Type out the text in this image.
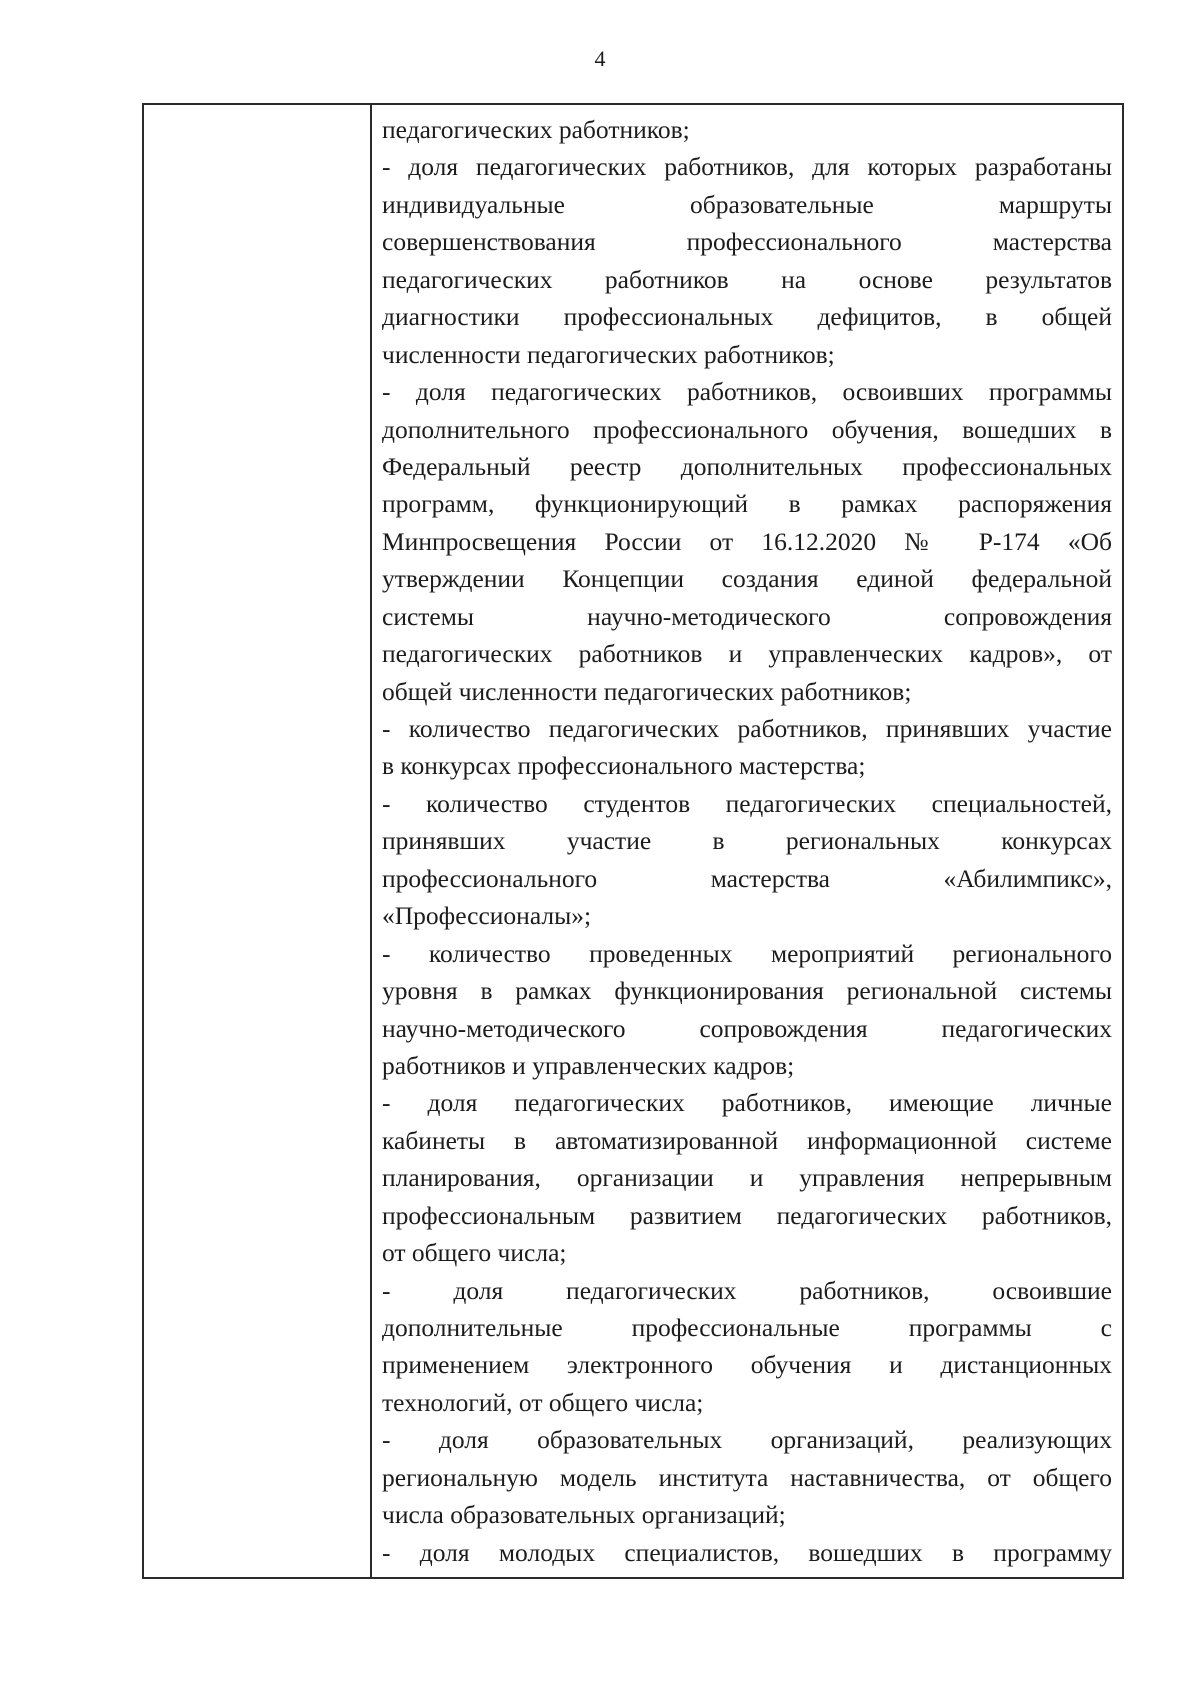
4
педагогических работников;
- доля педагогических работников, для которых разработаны
индивидуальные образовательные маршруты
совершенствования профессионального мастерства
педагогических работников на основе результатов
диагностики профессиональных дефицитов, в общей
численности педагогических работников;
- доля педагогических работников, освоивших программы
дополнительного профессионального обучения, вошедших в
Федеральный реестр дополнительных профессиональных
программ, функционирующий в рамках распоряжения
Минпросвещения России от 16.12.2020 № Р-174 «Об
утверждении Концепции создания единой федеральной
системы научно-методического сопровождения
педагогических работников и управленческих кадров», от
общей численности педагогических работников;
- количество педагогических работников, принявших участие
в конкурсах профессионального мастерства;
- количество студентов педагогических специальностей,
принявших участие в региональных конкурсах
профессионального мастерства «Абилимпикс»,
«Профессионалы»;
- количество проведенных мероприятий регионального
уровня в рамках функционирования региональной системы
научно-методического сопровождения педагогических
работников и управленческих кадров;
- доля педагогических работников, имеющие личные
кабинеты в автоматизированной информационной системе
планирования, организации и управления непрерывным
профессиональным развитием педагогических работников,
от общего числа;
- доля педагогических работников, освоившие
дополнительные профессиональные программы с
применением электронного обучения и дистанционных
технологий, от общего числа;
- доля образовательных организаций, реализующих
региональную модель института наставничества, от общего
числа образовательных организаций;
- доля молодых специалистов, вошедших в программу
